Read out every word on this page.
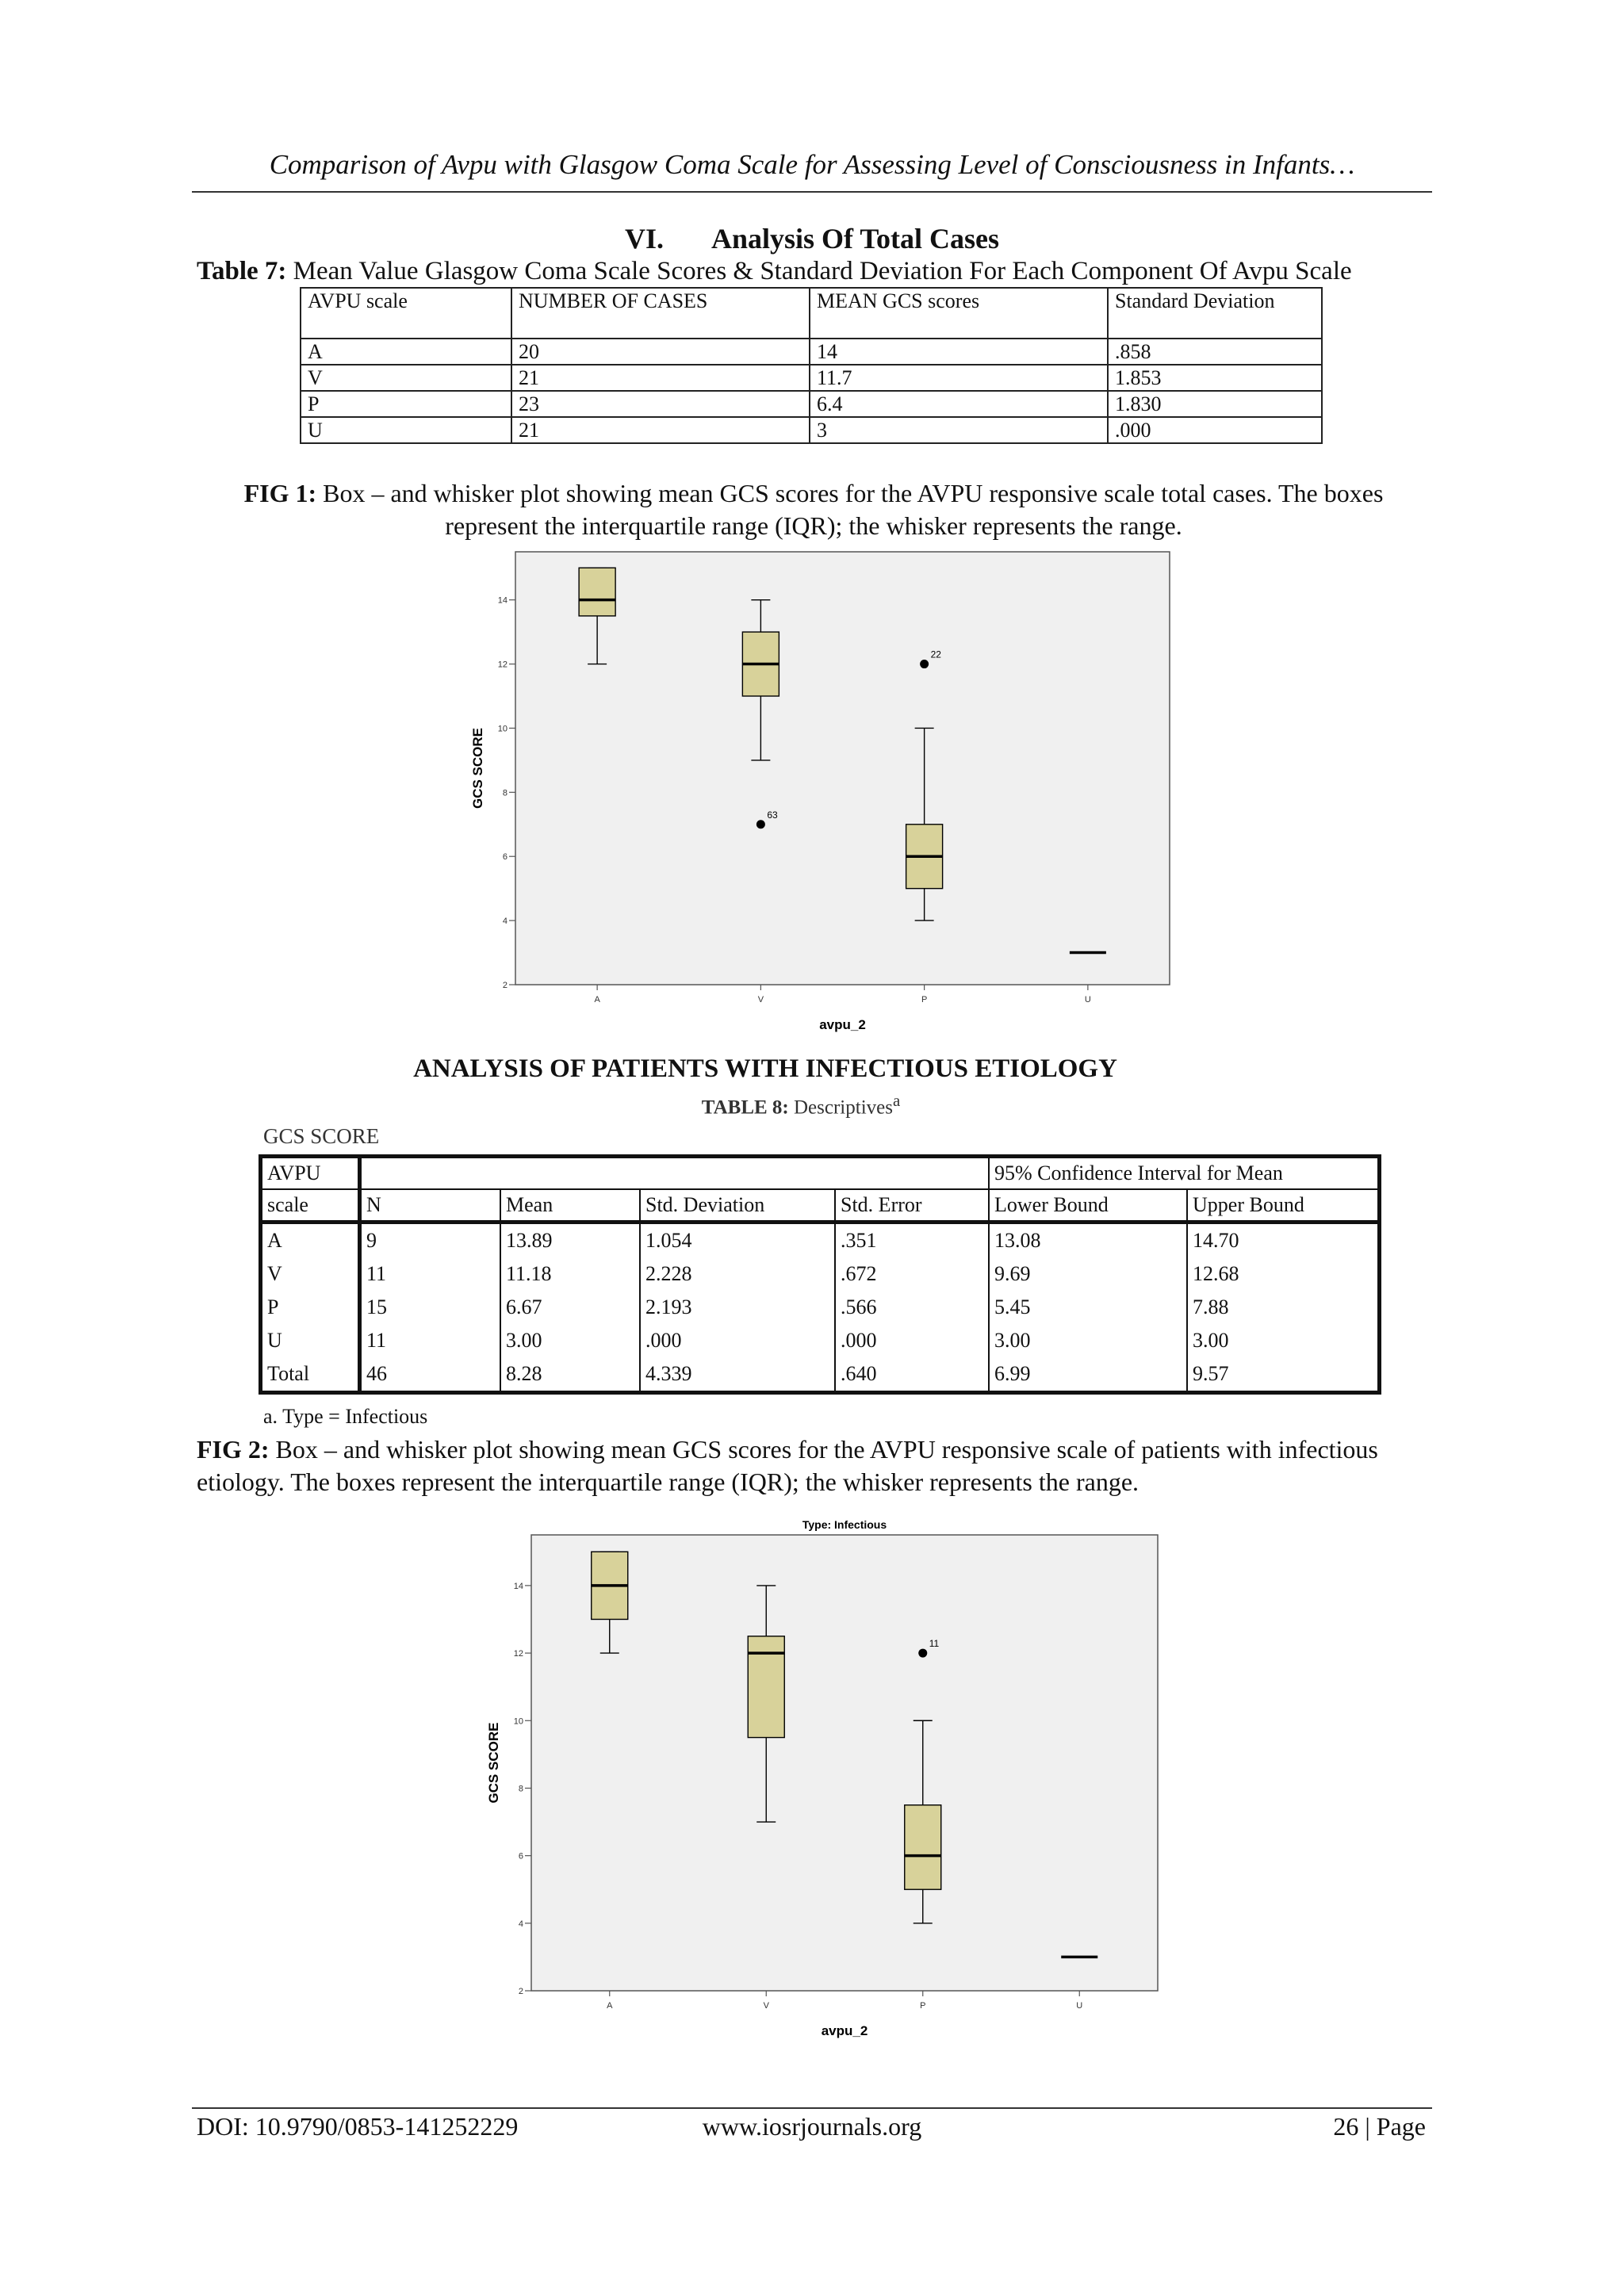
Comparison of Avpu with Glasgow Coma Scale for Assessing Level of Consciousness in Infants…
VI. Analysis Of Total Cases
Table 7: Mean Value Glasgow Coma Scale Scores & Standard Deviation For Each Component Of Avpu Scale
AVPU scale	NUMBER OF CASES	MEAN GCS scores	Standard Deviation
A	20	14	.858
V	21	11.7	1.853
P	23	6.4	1.830
U	21	3	.000
FIG 1: Box – and whisker plot showing mean GCS scores for the AVPU responsive scale total cases. The boxes represent the interquartile range (IQR); the whisker represents the range.
2
4
6
8
10
12
14
A	V	P	U
avpu_2
GCS SCORE
63
22
ANALYSIS OF PATIENTS WITH INFECTIOUS ETIOLOGY
TABLE 8: Descriptives$^a$
GCS SCORE
AVPU					95% Confidence Interval for Mean	
scale	N	Mean	Std. Deviation	Std. Error	Lower Bound	Upper Bound
A	9	13.89	1.054	.351	13.08	14.70
V	11	11.18	2.228	.672	9.69	12.68
P	15	6.67	2.193	.566	5.45	7.88
U	11	3.00	.000	.000	3.00	3.00
Total	46	8.28	4.339	.640	6.99	9.57
a. Type = Infectious
FIG 2: Box – and whisker plot showing mean GCS scores for the AVPU responsive scale of patients with infectious etiology. The boxes represent the interquartile range (IQR); the whisker represents the range.
Type: Infectious
2
4
6
8
10
12
14
A	V	P	U
avpu_2
GCS SCORE
11
DOI: 10.9790/0853-141252229	www.iosrjournals.org	26 | Page
